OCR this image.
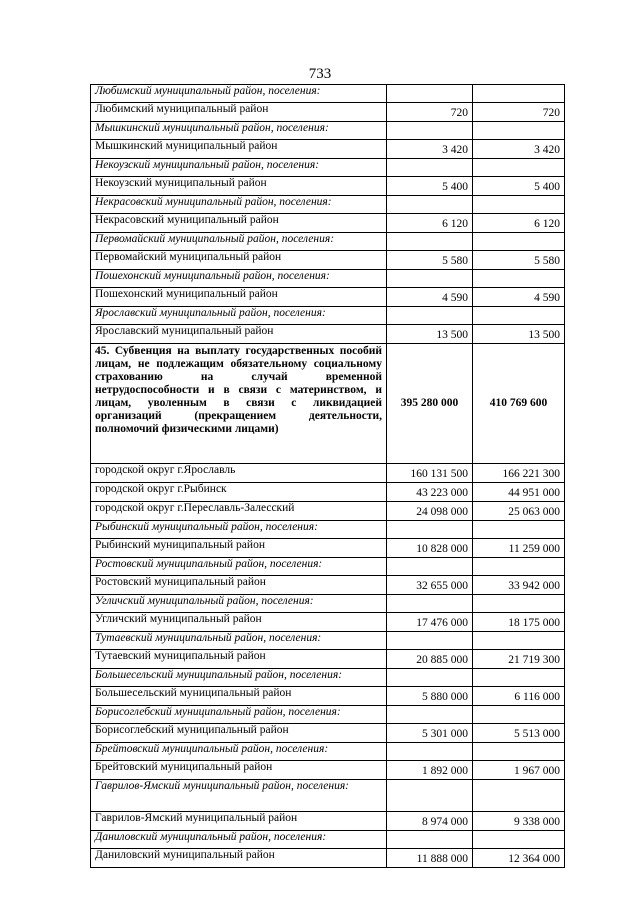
733
Любимский муниципальный район, поселения:		
Любимский муниципальный район	720	720
Мышкинский муниципальный район, поселения:		
Мышкинский муниципальный район	3 420	3 420
Некоузский муниципальный район, поселения:		
Некоузский муниципальный район	5 400	5 400
Некрасовский муниципальный район, поселения:		
Некрасовский муниципальный район	6 120	6 120
Первомайский муниципальный район, поселения:		
Первомайский муниципальный район	5 580	5 580
Пошехонский муниципальный район, поселения:		
Пошехонский муниципальный район	4 590	4 590
Ярославский муниципальный район, поселения:		
Ярославский муниципальный район	13 500	13 500
45. Субвенция на выплату государственных пособий лицам, не подлежащим обязательному социальному страхованию на случай временной нетрудоспособности и в связи с материнством, и лицам, уволенным в связи с ликвидацией организаций (прекращением деятельности, полномочий физическими лицами)	395 280 000	410 769 600
городской округ г.Ярославль	160 131 500	166 221 300
городской округ г.Рыбинск	43 223 000	44 951 000
городской округ г.Переславль-Залесский	24 098 000	25 063 000
Рыбинский муниципальный район, поселения:		
Рыбинский муниципальный район	10 828 000	11 259 000
Ростовский муниципальный район, поселения:		
Ростовский муниципальный район	32 655 000	33 942 000
Угличский муниципальный район, поселения:		
Угличский муниципальный район	17 476 000	18 175 000
Тутаевский муниципальный район, поселения:		
Тутаевский муниципальный район	20 885 000	21 719 300
Большесельский муниципальный район, поселения:		
Большесельский муниципальный район	5 880 000	6 116 000
Борисоглебский муниципальный район, поселения:		
Борисоглебский муниципальный район	5 301 000	5 513 000
Брейтовский муниципальный район, поселения:		
Брейтовский муниципальный район	1 892 000	1 967 000
Гаврилов-Ямский муниципальный район, поселения:		
Гаврилов-Ямский муниципальный район	8 974 000	9 338 000
Даниловский муниципальный район, поселения:		
Даниловский муниципальный район	11 888 000	12 364 000
